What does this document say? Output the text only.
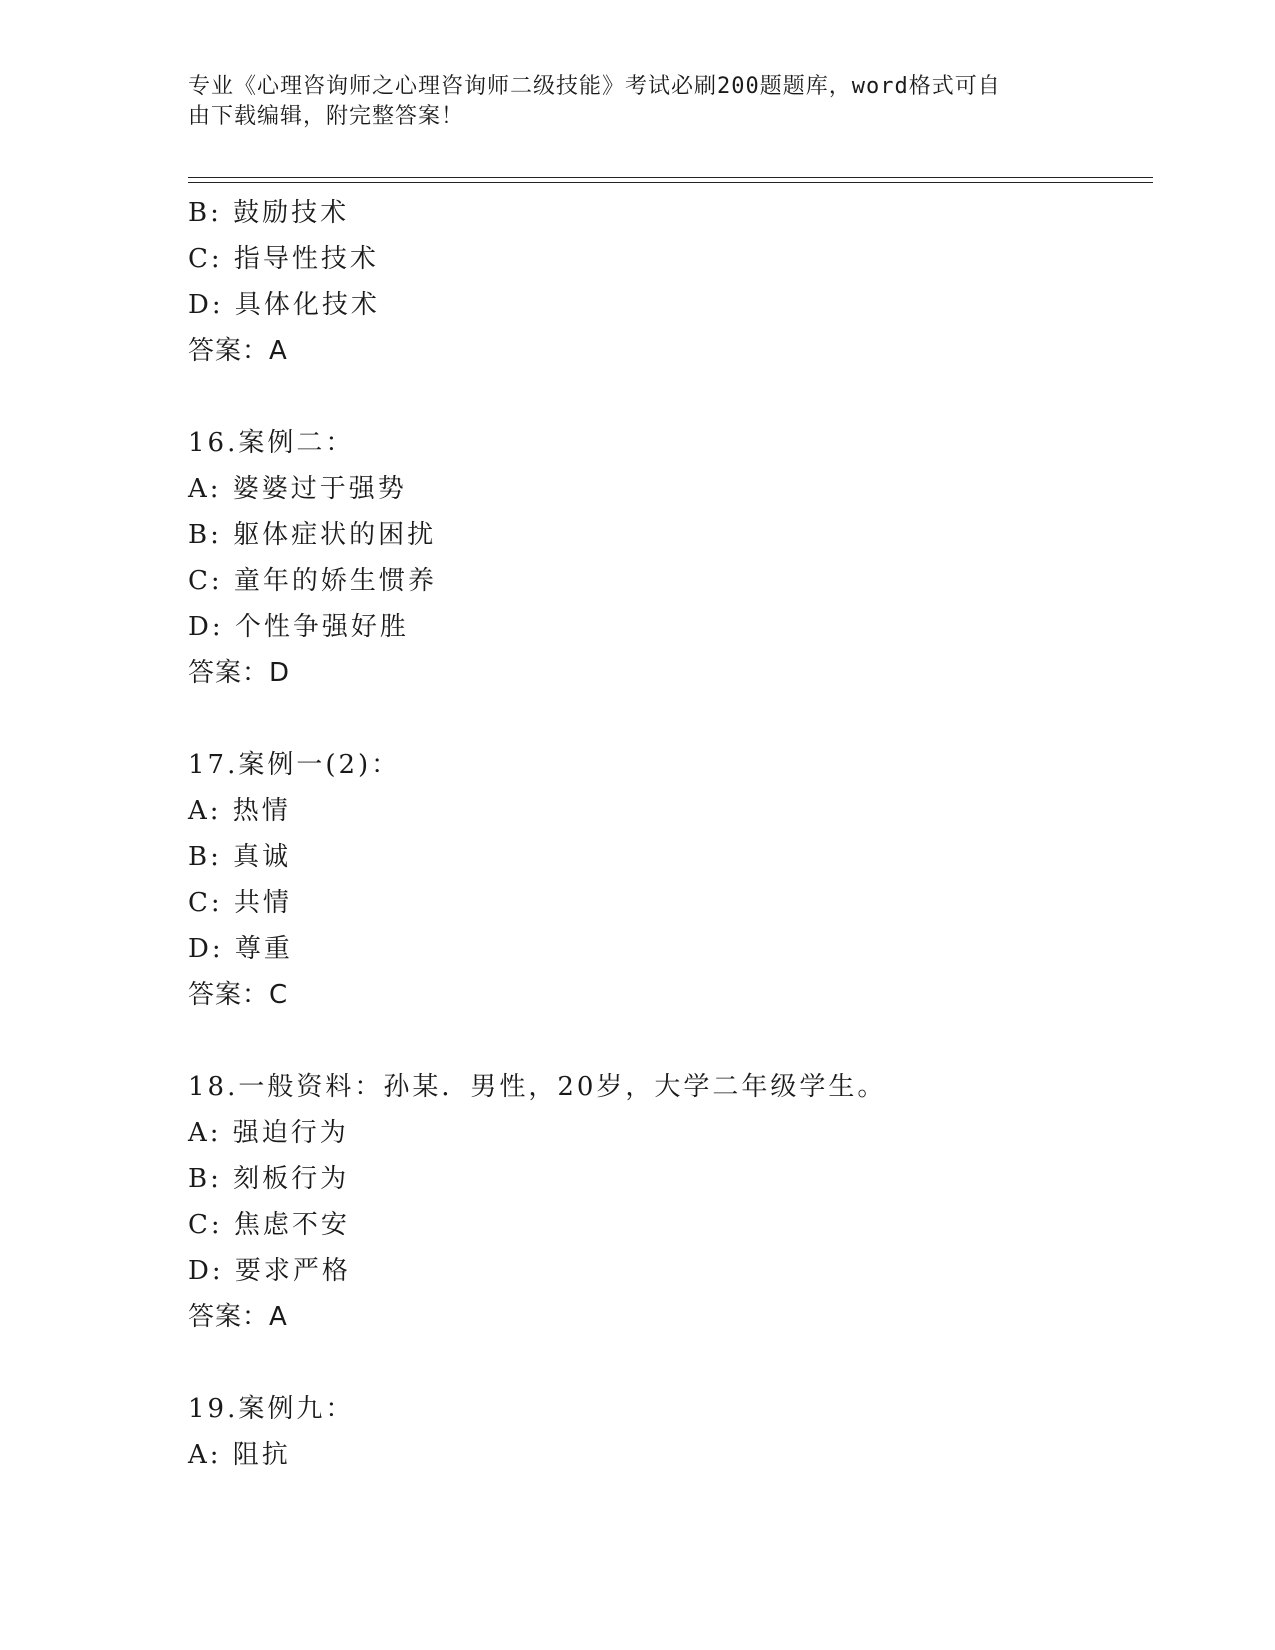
专业《心理咨询师之心理咨询师二级技能》考试必刷200题题库，word格式可自
由下载编辑，附完整答案！
B: 鼓励技术
C: 指导性技术
D: 具体化技术
答案：A
16.案例二：
A: 婆婆过于强势
B: 躯体症状的困扰
C: 童年的娇生惯养
D: 个性争强好胜
答案：D
17.案例一(2)：
A: 热情
B: 真诚
C: 共情
D: 尊重
答案：C
18.一般资料：孙某．男性，20岁，大学二年级学生。
A: 强迫行为
B: 刻板行为
C: 焦虑不安
D: 要求严格
答案：A
19.案例九：
A: 阻抗
